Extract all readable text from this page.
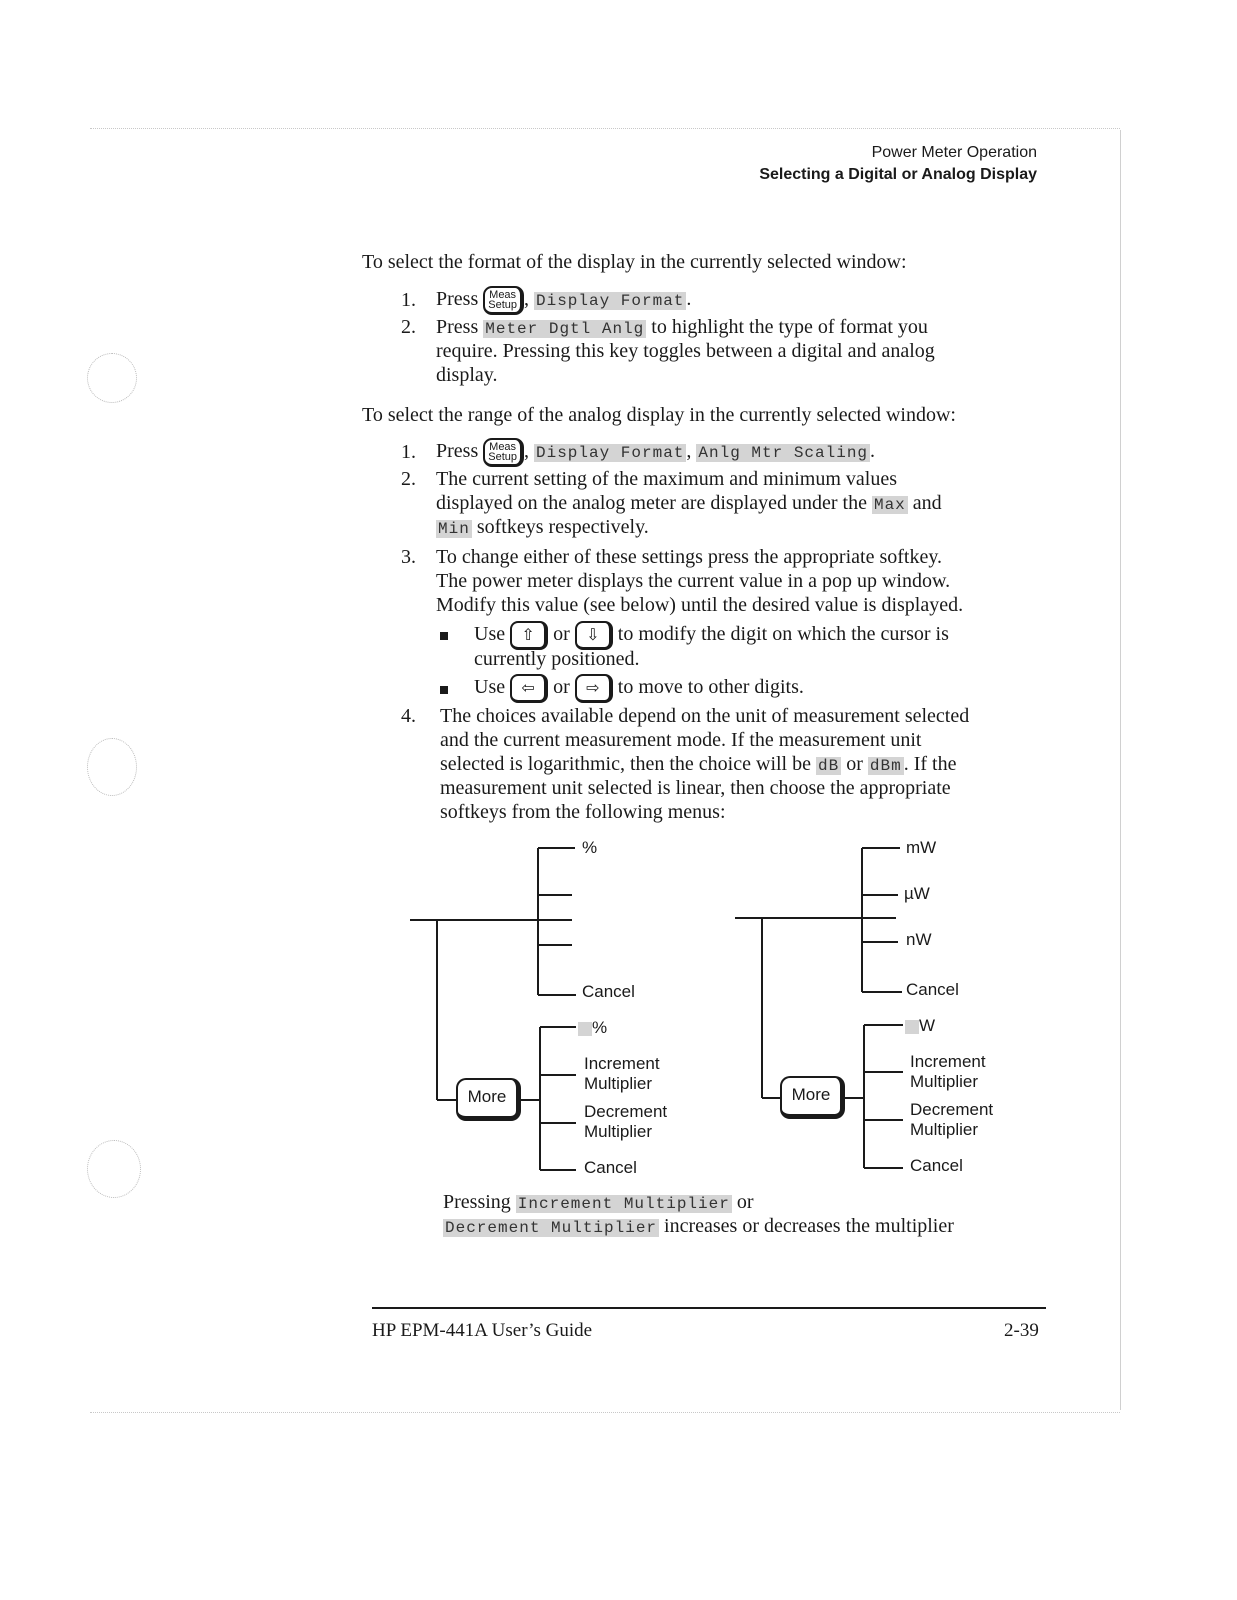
Power Meter Operation
Selecting a Digital or Analog Display
To select the format of the display in the currently selected window:
1. Press Meas
Setup , Display Format .
2. Press Meter Dgtl Anlg to highlight the type of format you
require. Pressing this key toggles between a digital and analog
display.
To select the range of the analog display in the currently selected window:
1. Press Meas
Setup , Display Format , Anlg Mtr Scaling .
2. The current setting of the maximum and minimum values
displayed on the analog meter are displayed under the Max and
Min softkeys respectively.
3. To change either of these settings press the appropriate softkey.
The power meter displays the current value in a pop up window.
Modify this value (see below) until the desired value is displayed.
Use ⇧ or ⇩ to modify the digit on which the cursor is
currently positioned.
Use ⇦ or ⇨ to move to other digits.
4. The choices available depend on the unit of measurement selected
and the current measurement mode. If the measurement unit
selected is logarithmic, then the choice will be dB or dBm . If the
measurement unit selected is linear, then choose the appropriate
softkeys from the following menus:
%
Cancel
More
%
Increment
Multiplier
Decrement
Multiplier
Cancel
mW
µW
nW
Cancel
More
W
Increment
Multiplier
Decrement
Multiplier
Cancel
Pressing Increment Multiplier or
Decrement Multiplier increases or decreases the multiplier
HP EPM-441A User’s Guide	2-39
